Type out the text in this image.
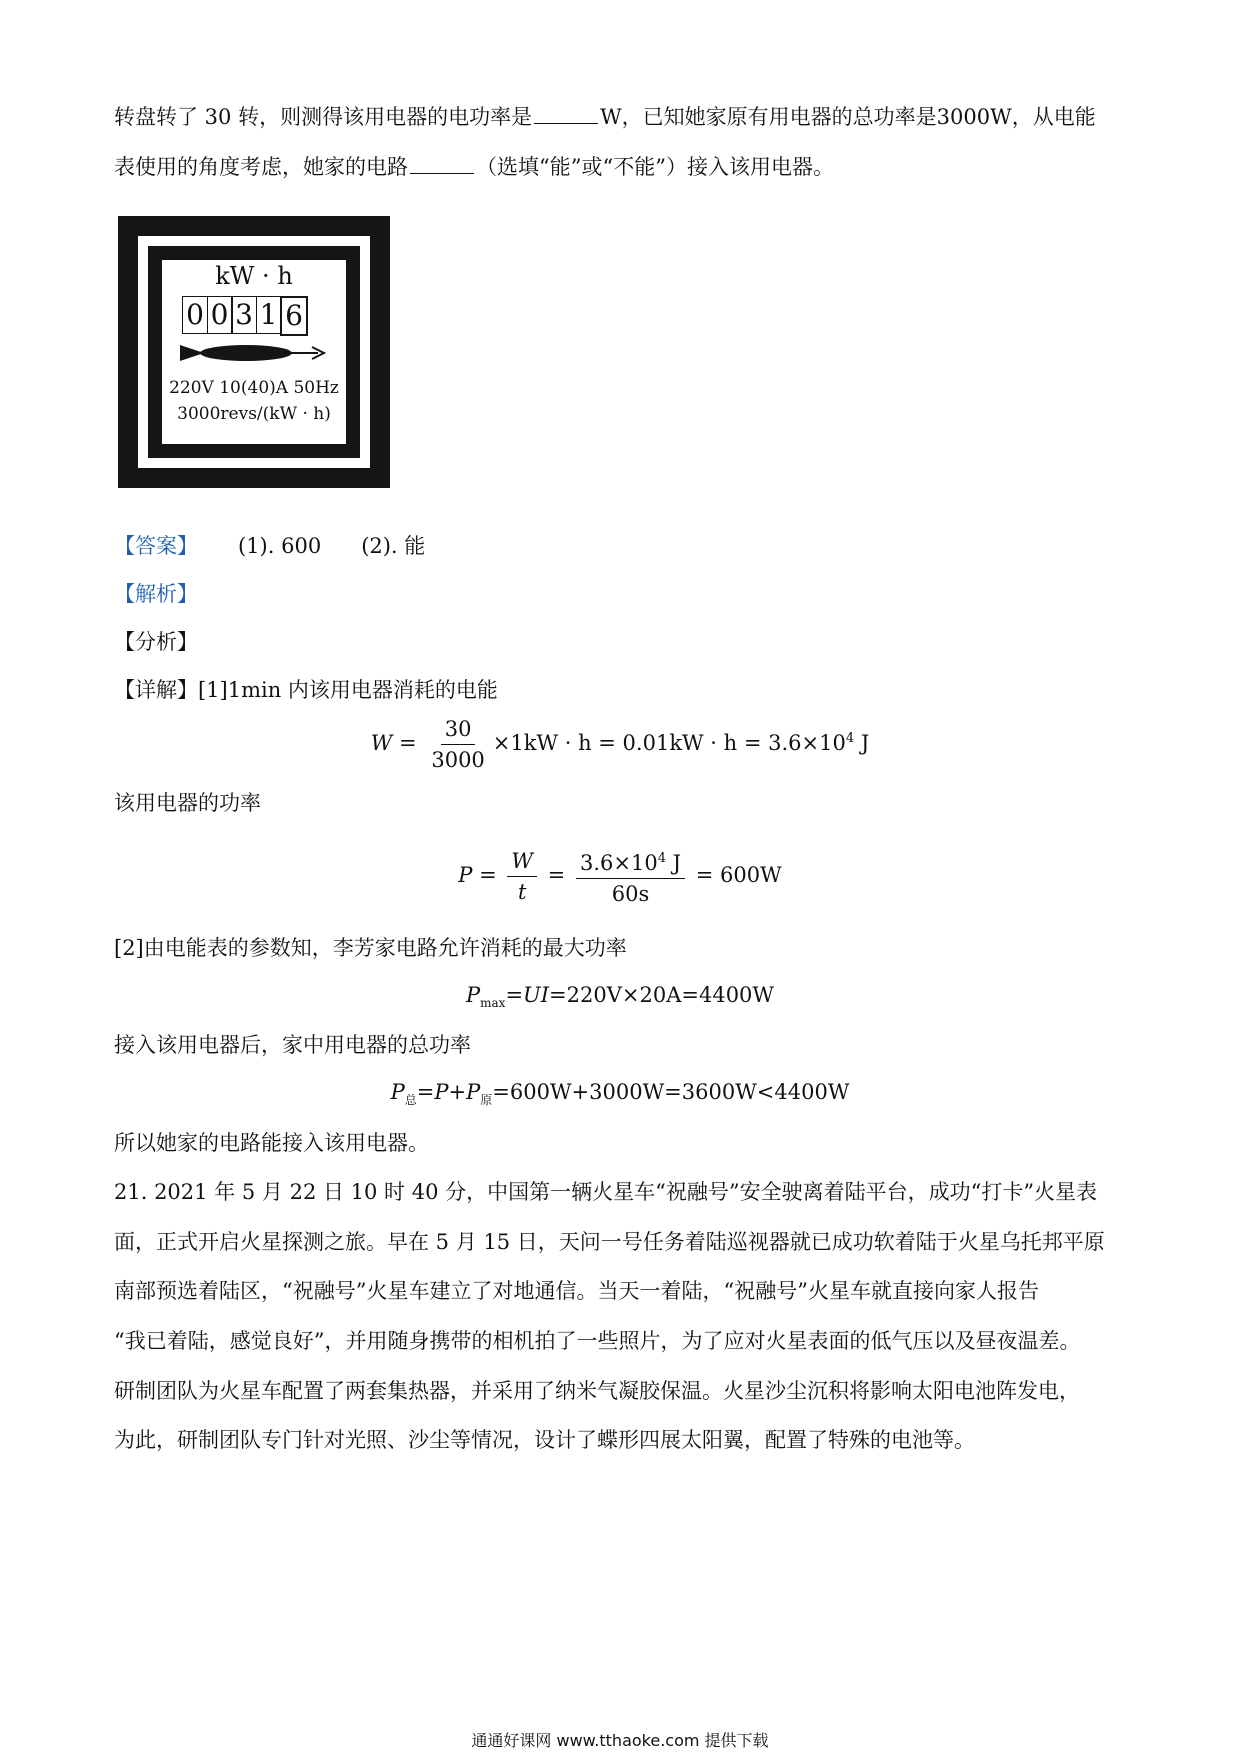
转盘转了 30 转，则测得该用电器的电功率是	W，已知她家原有用电器的总功率是3000W，从电能
表使用的角度考虑，她家的电路	（选填“能”或“不能”）接入该用电器。
kW · h
0 0 3 1 6
220V 10(40)A 50Hz
3000revs/(kW · h)
【答案】 (1). 600 (2). 能
【解析】
【分析】
【详解】[1]1min 内该用电器消耗的电能
$W = \frac{30}{3000} \times 1kW \cdot h = 0.01kW \cdot h = 3.6\times 10^4$ J
该用电器的功率
$P = \frac{W}{t} = \frac{3.6\times 10^4 J}{60s} = 600W$
[2]由电能表的参数知，李芳家电路允许消耗的最大功率
$P_{max}=UI=220V\times 20A=4400W$
接入该用电器后，家中用电器的总功率
$P_总=P+P_原=600W+3000W=3600W<4400W$
所以她家的电路能接入该用电器。
21. 2021 年 5 月 22 日 10 时 40 分，中国第一辆火星车“祝融号”安全驶离着陆平台，成功“打卡”火星表
面，正式开启火星探测之旅。早在 5 月 15 日，天问一号任务着陆巡视器就已成功软着陆于火星乌托邦平原
南部预选着陆区，“祝融号”火星车建立了对地通信。当天一着陆，“祝融号”火星车就直接向家人报告
“我已着陆，感觉良好”，并用随身携带的相机拍了一些照片，为了应对火星表面的低气压以及昼夜温差。
研制团队为火星车配置了两套集热器，并采用了纳米气凝胶保温。火星沙尘沉积将影响太阳电池阵发电，
为此，研制团队专门针对光照、沙尘等情况，设计了蝶形四展太阳翼，配置了特殊的电池等。
通通好课网 www.tthaoke.com 提供下载
